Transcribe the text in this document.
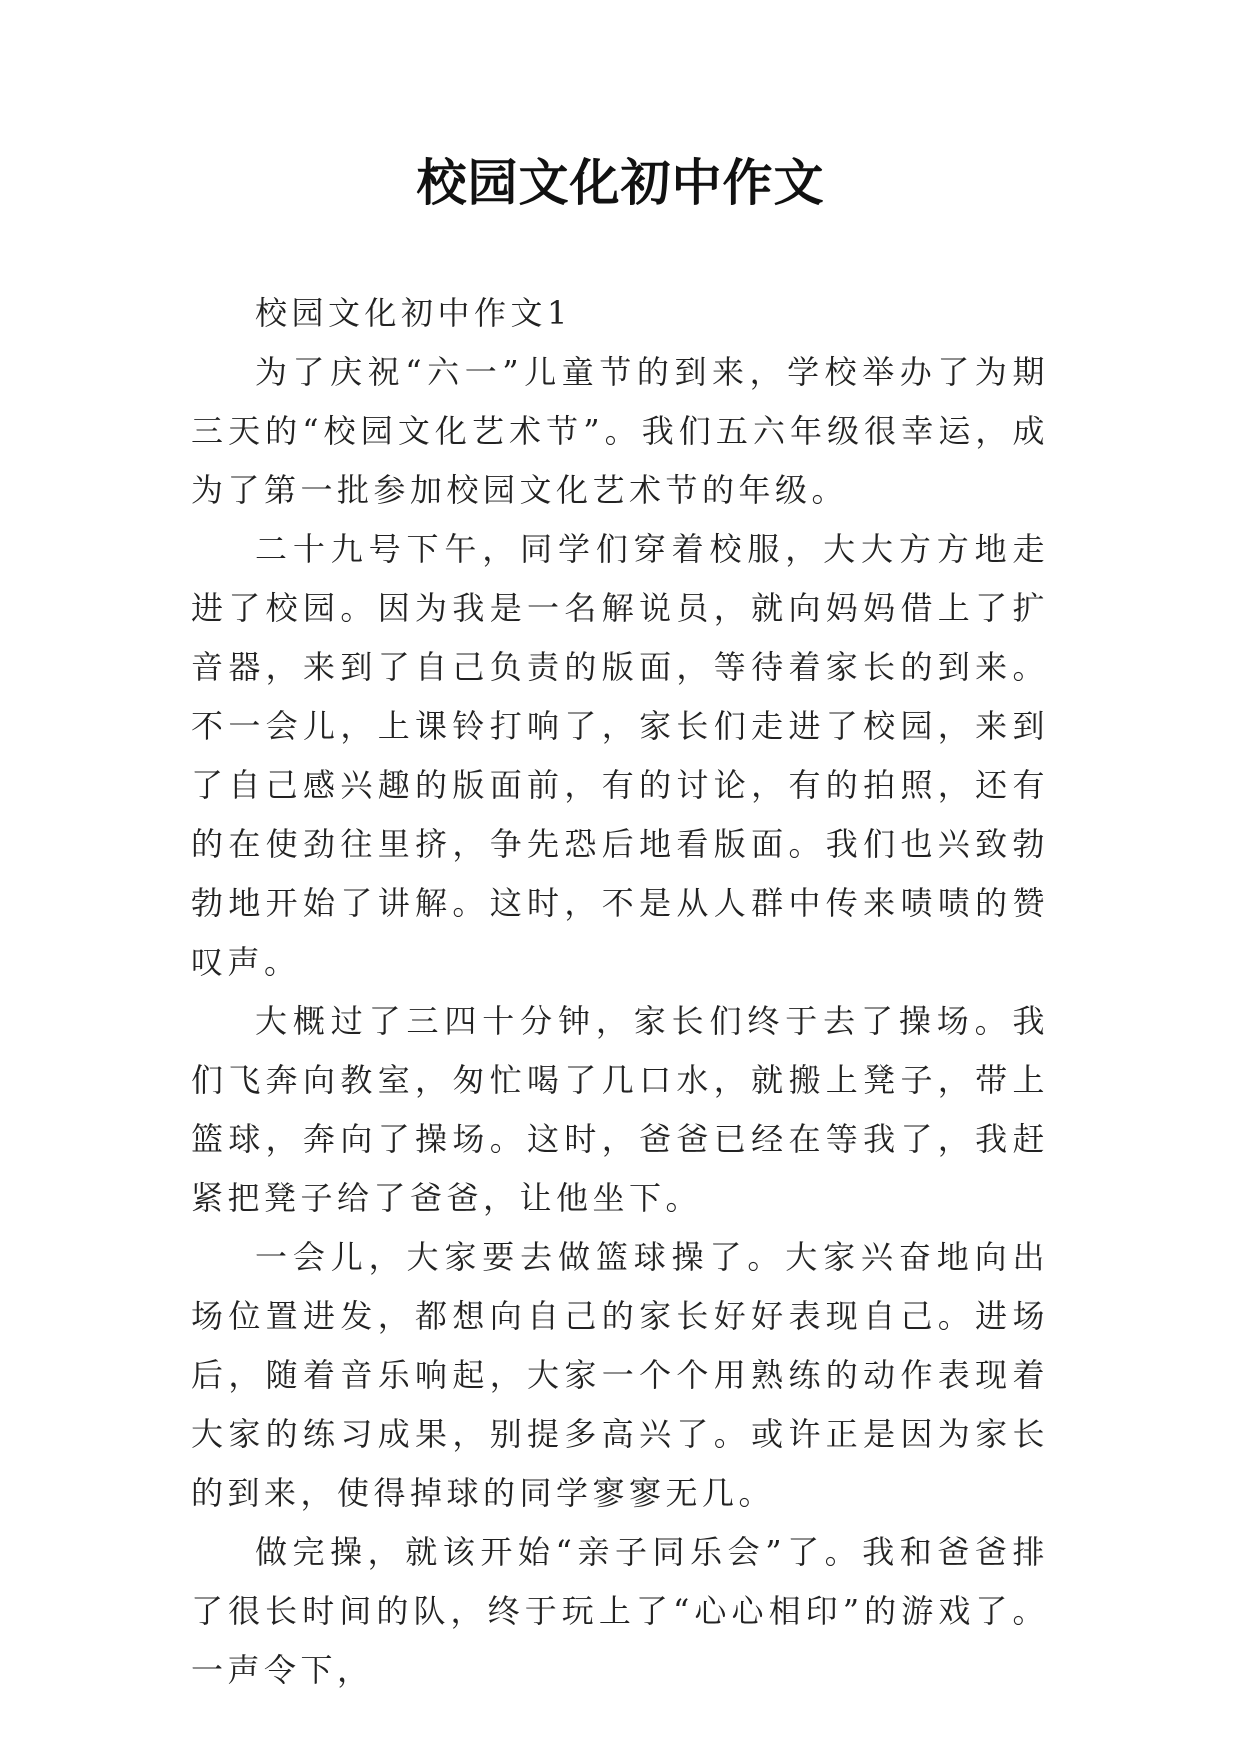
校园文化初中作文

校园文化初中作文1

为了庆祝“六一”儿童节的到来，学校举办了为期三天的“校园文化艺术节”。我们五六年级很幸运，成为了第一批参加校园文化艺术节的年级。

二十九号下午，同学们穿着校服，大大方方地走进了校园。因为我是一名解说员，就向妈妈借上了扩音器，来到了自己负责的版面，等待着家长的到来。不一会儿，上课铃打响了，家长们走进了校园，来到了自己感兴趣的版面前，有的讨论，有的拍照，还有的在使劲往里挤，争先恐后地看版面。我们也兴致勃勃地开始了讲解。这时，不是从人群中传来啧啧的赞叹声。

大概过了三四十分钟，家长们终于去了操场。我们飞奔向教室，匆忙喝了几口水，就搬上凳子，带上篮球，奔向了操场。这时，爸爸已经在等我了，我赶紧把凳子给了爸爸，让他坐下。

一会儿，大家要去做篮球操了。大家兴奋地向出场位置进发，都想向自己的家长好好表现自己。进场后，随着音乐响起，大家一个个用熟练的动作表现着大家的练习成果，别提多高兴了。或许正是因为家长的到来，使得掉球的同学寥寥无几。

做完操，就该开始“亲子同乐会”了。我和爸爸排了很长时间的队，终于玩上了“心心相印”的游戏了。一声令下，
